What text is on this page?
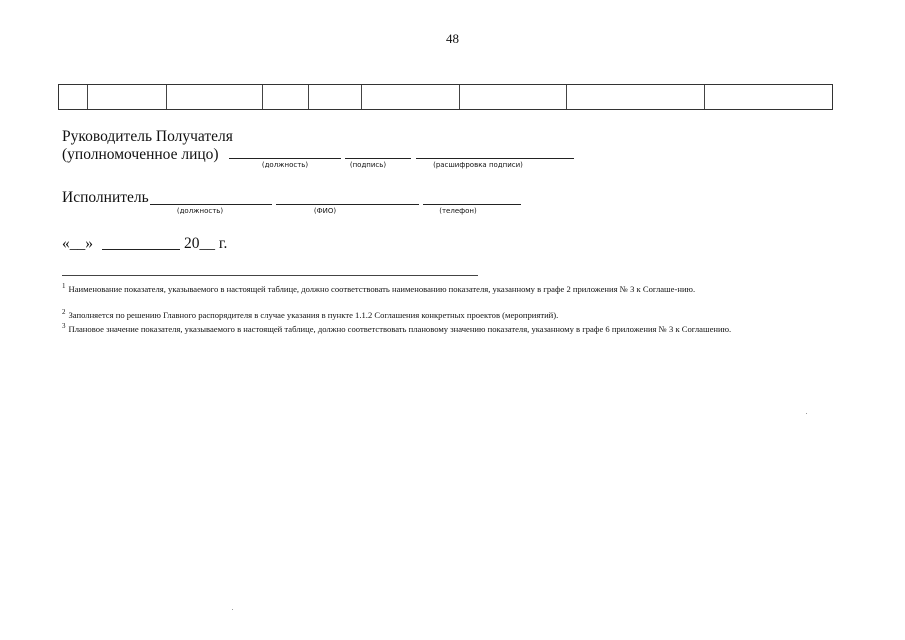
48
Руководитель Получателя
(уполномоченное лицо)
(должность)	(подпись)	(расшифровка подписи)
Исполнитель
(должность)	(ФИО)	(телефон)
«__»	20__ г.
$^1$ Наименование показателя, указываемого в настоящей таблице, должно соответствовать наименованию показателя, указанному в графе 2 приложения № 3 к Соглаше-нию.
$^2$ Заполняется по решению Главного распорядителя в случае указания в пункте 1.1.2 Соглашения конкретных проектов (мероприятий).
$^3$ Плановое значение показателя, указываемого в настоящей таблице, должно соответствовать плановому значению показателя, указанному в графе 6 приложения № 3 к Соглашению.
